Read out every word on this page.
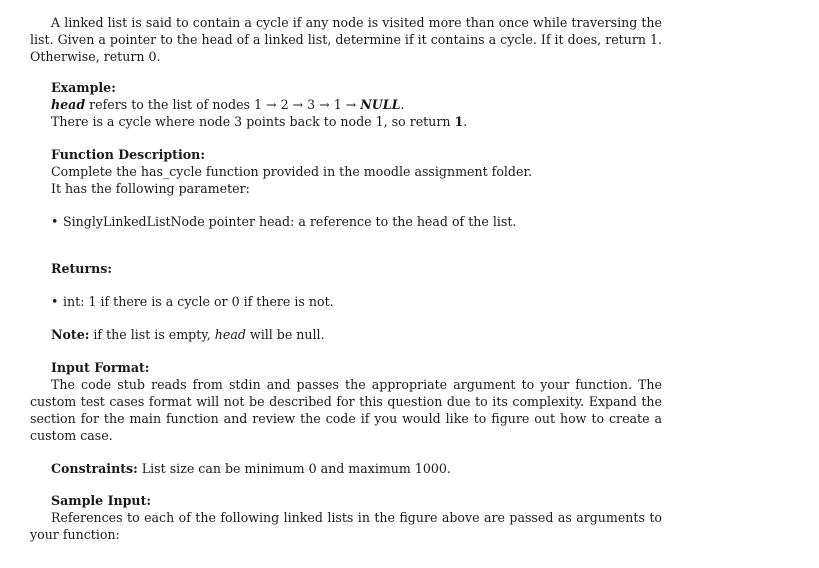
A linked list is said to contain a cycle if any node is visited more than once while traversing the list. Given a pointer to the head of a linked list, determine if it contains a cycle. If it does, return 1. Otherwise, return 0.

Example:
head refers to the list of nodes 1 → 2 → 3 → 1 → NULL.
There is a cycle where node 3 points back to node 1, so return 1.
Function Description:
Complete the has_cycle function provided in the moodle assignment folder.
It has the following parameter:
• SinglyLinkedListNode pointer head: a reference to the head of the list.
Returns:
• int: 1 if there is a cycle or 0 if there is not.
Note: if the list is empty, head will be null.
Input Format:

The code stub reads from stdin and passes the appropriate argument to your function. The custom test cases format will not be described for this question due to its complexity. Expand the section for the main function and review the code if you would like to figure out how to create a custom case.

Constraints: List size can be minimum 0 and maximum 1000.
Sample Input:

References to each of the following linked lists in the figure above are passed as arguments to your function:
